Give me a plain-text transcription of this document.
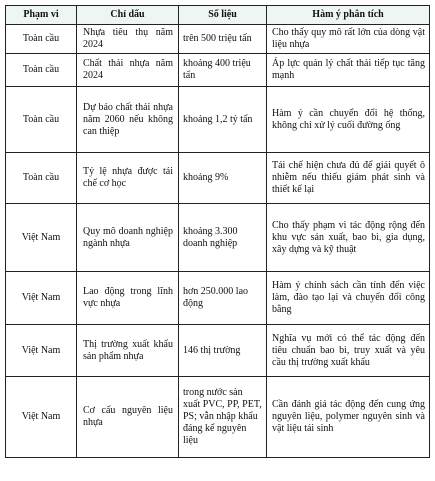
Phạm vi	Chỉ dấu	Số liệu	Hàm ý phân tích
Toàn cầu	Nhựa tiêu thụ năm 2024	trên 500 triệu tấn	Cho thấy quy mô rất lớn của dòng vật liệu nhựa
Toàn cầu	Chất thải nhựa năm 2024	khoảng 400 triệu tấn	Áp lực quản lý chất thải tiếp tục tăng mạnh
Toàn cầu	Dự báo chất thải nhựa năm 2060 nếu không can thiệp	khoảng 1,2 tỷ tấn	Hàm ý cần chuyển đổi hệ thống, không chỉ xử lý cuối đường ống
Toàn cầu	Tỷ lệ nhựa được tái chế cơ học	khoảng 9%	Tái chế hiện chưa đủ để giải quyết ô nhiễm nếu thiếu giảm phát sinh và thiết kế lại
Việt Nam	Quy mô doanh nghiệp ngành nhựa	khoảng 3.300 doanh nghiệp	Cho thấy phạm vi tác động rộng đến khu vực sản xuất, bao bì, gia dụng, xây dựng và kỹ thuật
Việt Nam	Lao động trong lĩnh vực nhựa	hơn 250.000 lao động	Hàm ý chính sách cần tính đến việc làm, đào tạo lại và chuyển đổi công bằng
Việt Nam	Thị trường xuất khẩu sản phẩm nhựa	146 thị trường	Nghĩa vụ mới có thể tác động đến tiêu chuẩn bao bì, truy xuất và yêu cầu thị trường xuất khẩu
Việt Nam	Cơ cấu nguyên liệu nhựa	trong nước sản xuất PVC, PP, PET, PS; vẫn nhập khẩu đáng kể nguyên liệu	Cần đánh giá tác động đến cung ứng nguyên liệu, polymer nguyên sinh và vật liệu tái sinh
